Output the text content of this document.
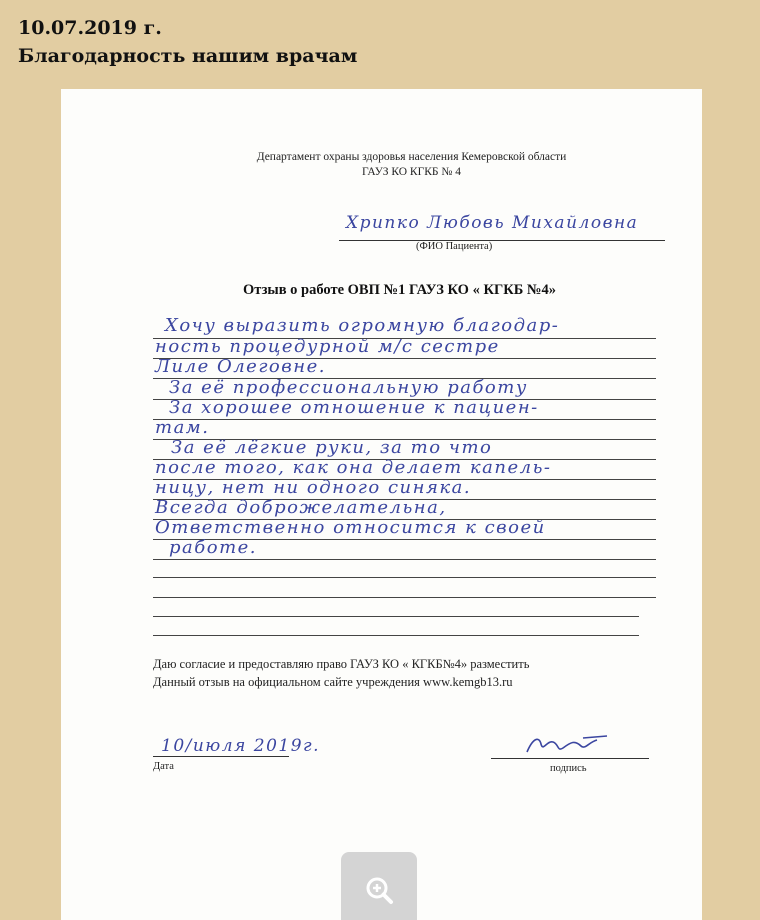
10.07.2019 г.
Благодарность нашим врачам
Департамент охраны здоровья населения Кемеровской области
ГАУЗ КО КГКБ № 4
Хрипко Любовь Михайловна
(ФИО Пациента)
Отзыв о работе ОВП №1 ГАУЗ КО « КГКБ №4»
Хочу выразить огромную благодар-
ность процедурной м/с сестре
Лиле Олеговне.
За её профессиональную работу
За хорошее отношение к пациен-
там.
За её лёгкие руки, за то что
после того, как она делает капель-
ницу, нет ни одного синяка.
Всегда доброжелательна,
Ответственно относится к своей
работе.
Даю согласие и предоставляю право ГАУЗ КО « КГКБ№4» разместить
Данный отзыв на официальном сайте учреждения www.kemgb13.ru
10/июля 2019г.
Дата	подпись
